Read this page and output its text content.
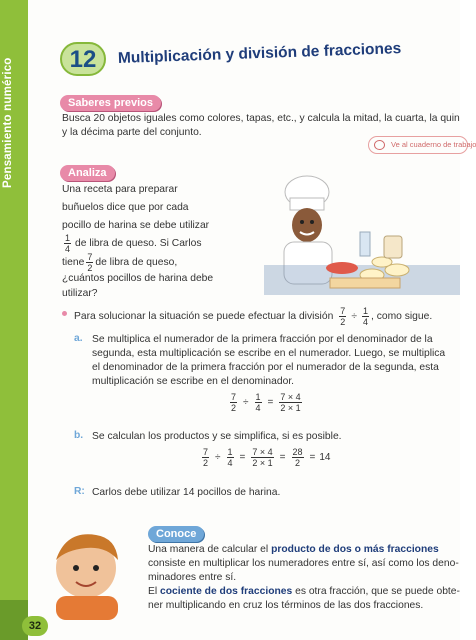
Pensamiento numérico
32
12	Multiplicación y división de fracciones
Saberes previos
Busca 20 objetos iguales como colores, tapas, etc., y calcula la mitad, la cuarta, la quin
y la décima parte del conjunto.
Ve al cuaderno de trabajo
Analiza
Una receta para preparar
buñuelos dice que por cada
pocillo de harina se debe utilizar
1
4 de libra de queso. Si Carlos
tiene 7
2 de libra de queso,
¿cuántos pocillos de harina debe
utilizar?
Para solucionar la situación se puede efectuar la división $\frac{7}{2} \div \frac{1}{4}$ , como sigue.
a. Se multiplica el numerador de la primera fracción por el denominador de la
segunda, esta multiplicación se escribe en el numerador. Luego, se multiplica
el denominador de la primera fracción por el numerador de la segunda, esta
multiplicación se escribe en el denominador.
$\frac{7}{2} \div \frac{1}{4} = \frac{7 \times 4}{2 \times 1}$
b. Se calculan los productos y se simplifica, si es posible.
$\frac{7}{2} \div \frac{1}{4} = \frac{7 \times 4}{2 \times 1} = \frac{28}{2} = 14$
R: Carlos debe utilizar 14 pocillos de harina.
Conoce
Una manera de calcular el producto de dos o más fracciones
consiste en multiplicar los numeradores entre sí, así como los deno-
minadores entre sí.
El cociente de dos fracciones es otra fracción, que se puede obte-
ner multiplicando en cruz los términos de las dos fracciones.
